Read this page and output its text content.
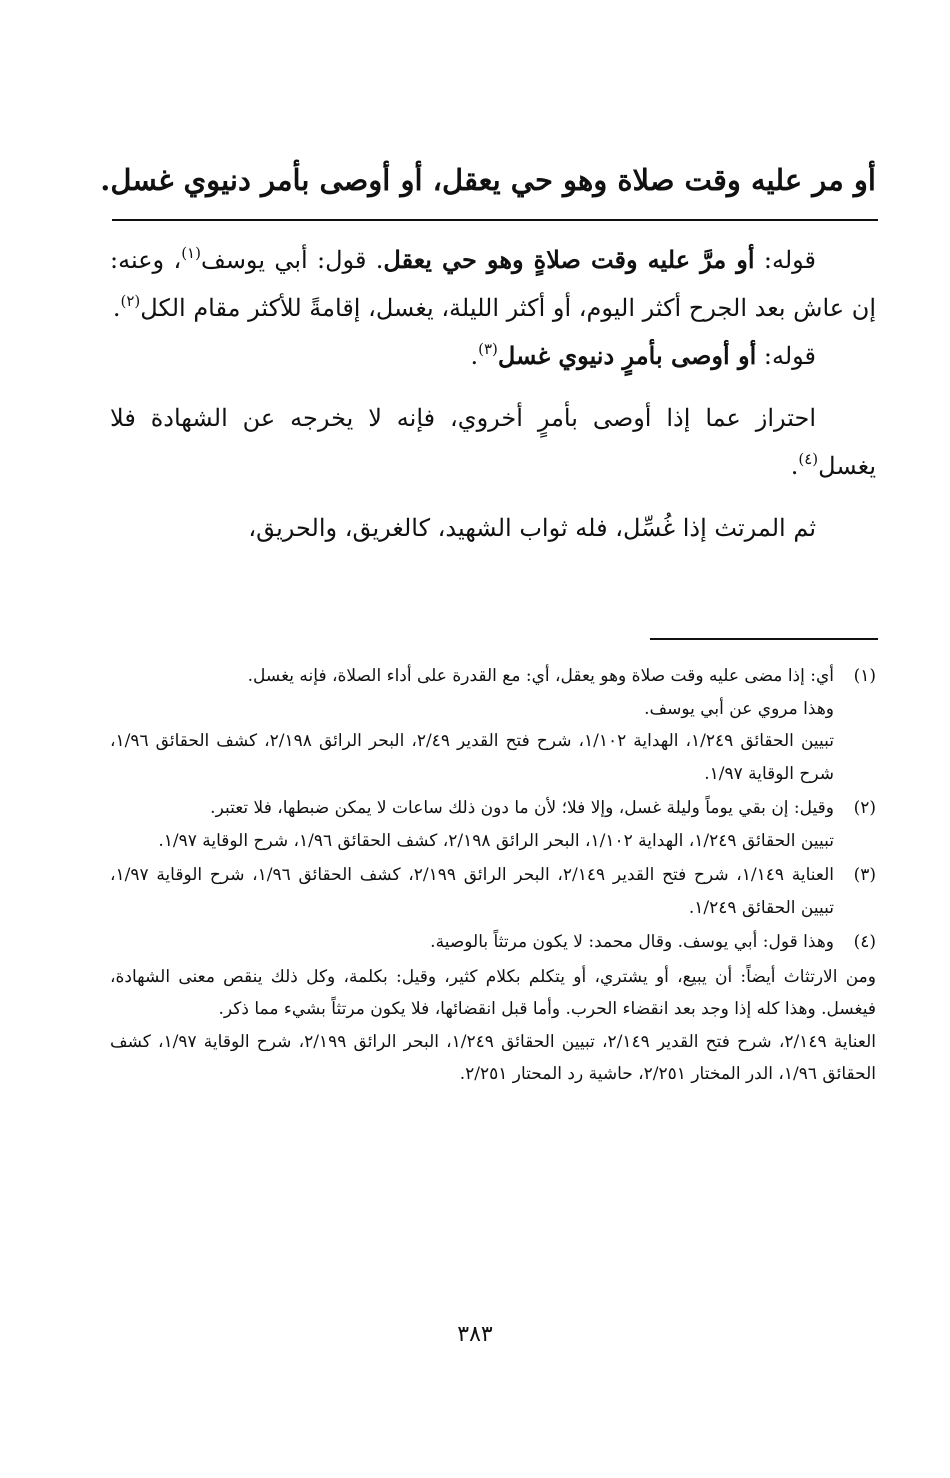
أو مر عليه وقت صلاة وهو حي يعقل، أو أوصى بأمر دنيوي غسل.

قوله: أو مرَّ عليه وقت صلاةٍ وهو حي يعقل. قول: أبي يوسف$^{(١)}$، وعنه: إن عاش بعد الجرح أكثر اليوم، أو أكثر الليلة، يغسل، إقامةً للأكثر مقام الكل$^{(٢)}$.

قوله: أو أوصى بأمرٍ دنيوي غسل$^{(٣)}$.

احتراز عما إذا أوصى بأمرٍ أخروي، فإنه لا يخرجه عن الشهادة فلا يغسل$^{(٤)}$.

ثم المرتث إذا غُسِّل، فله ثواب الشهيد، كالغريق، والحريق،

(١)
أي: إذا مضى عليه وقت صلاة وهو يعقل، أي: مع القدرة على أداء الصلاة، فإنه يغسل.
وهذا مروي عن أبي يوسف.
تبيين الحقائق ١/٢٤٩، الهداية ١/١٠٢، شرح فتح القدير ٢/٤٩، البحر الرائق ٢/١٩٨، كشف الحقائق ١/٩٦، شرح الوقاية ١/٩٧.
(٢)
وقيل: إن بقي يوماً وليلة غسل، وإلا فلا؛ لأن ما دون ذلك ساعات لا يمكن ضبطها، فلا تعتبر.
تبيين الحقائق ١/٢٤٩، الهداية ١/١٠٢، البحر الرائق ٢/١٩٨، كشف الحقائق ١/٩٦، شرح الوقاية ١/٩٧.
(٣)
العناية ١/١٤٩، شرح فتح القدير ٢/١٤٩، البحر الرائق ٢/١٩٩، كشف الحقائق ١/٩٦، شرح الوقاية ١/٩٧، تبيين الحقائق ١/٢٤٩.
(٤)
وهذا قول: أبي يوسف. وقال محمد: لا يكون مرتثاً بالوصية.
ومن الارتثاث أيضاً: أن يبيع، أو يشتري، أو يتكلم بكلام كثير، وقيل: بكلمة، وكل ذلك ينقص معنى الشهادة، فيغسل. وهذا كله إذا وجد بعد انقضاء الحرب. وأما قبل انقضائها، فلا يكون مرتثاً بشيء مما ذكر.
العناية ٢/١٤٩، شرح فتح القدير ٢/١٤٩، تبيين الحقائق ١/٢٤٩، البحر الرائق ٢/١٩٩، شرح الوقاية ١/٩٧، كشف الحقائق ١/٩٦، الدر المختار ٢/٢٥١، حاشية رد المحتار ٢/٢٥١.
٣٨٣
